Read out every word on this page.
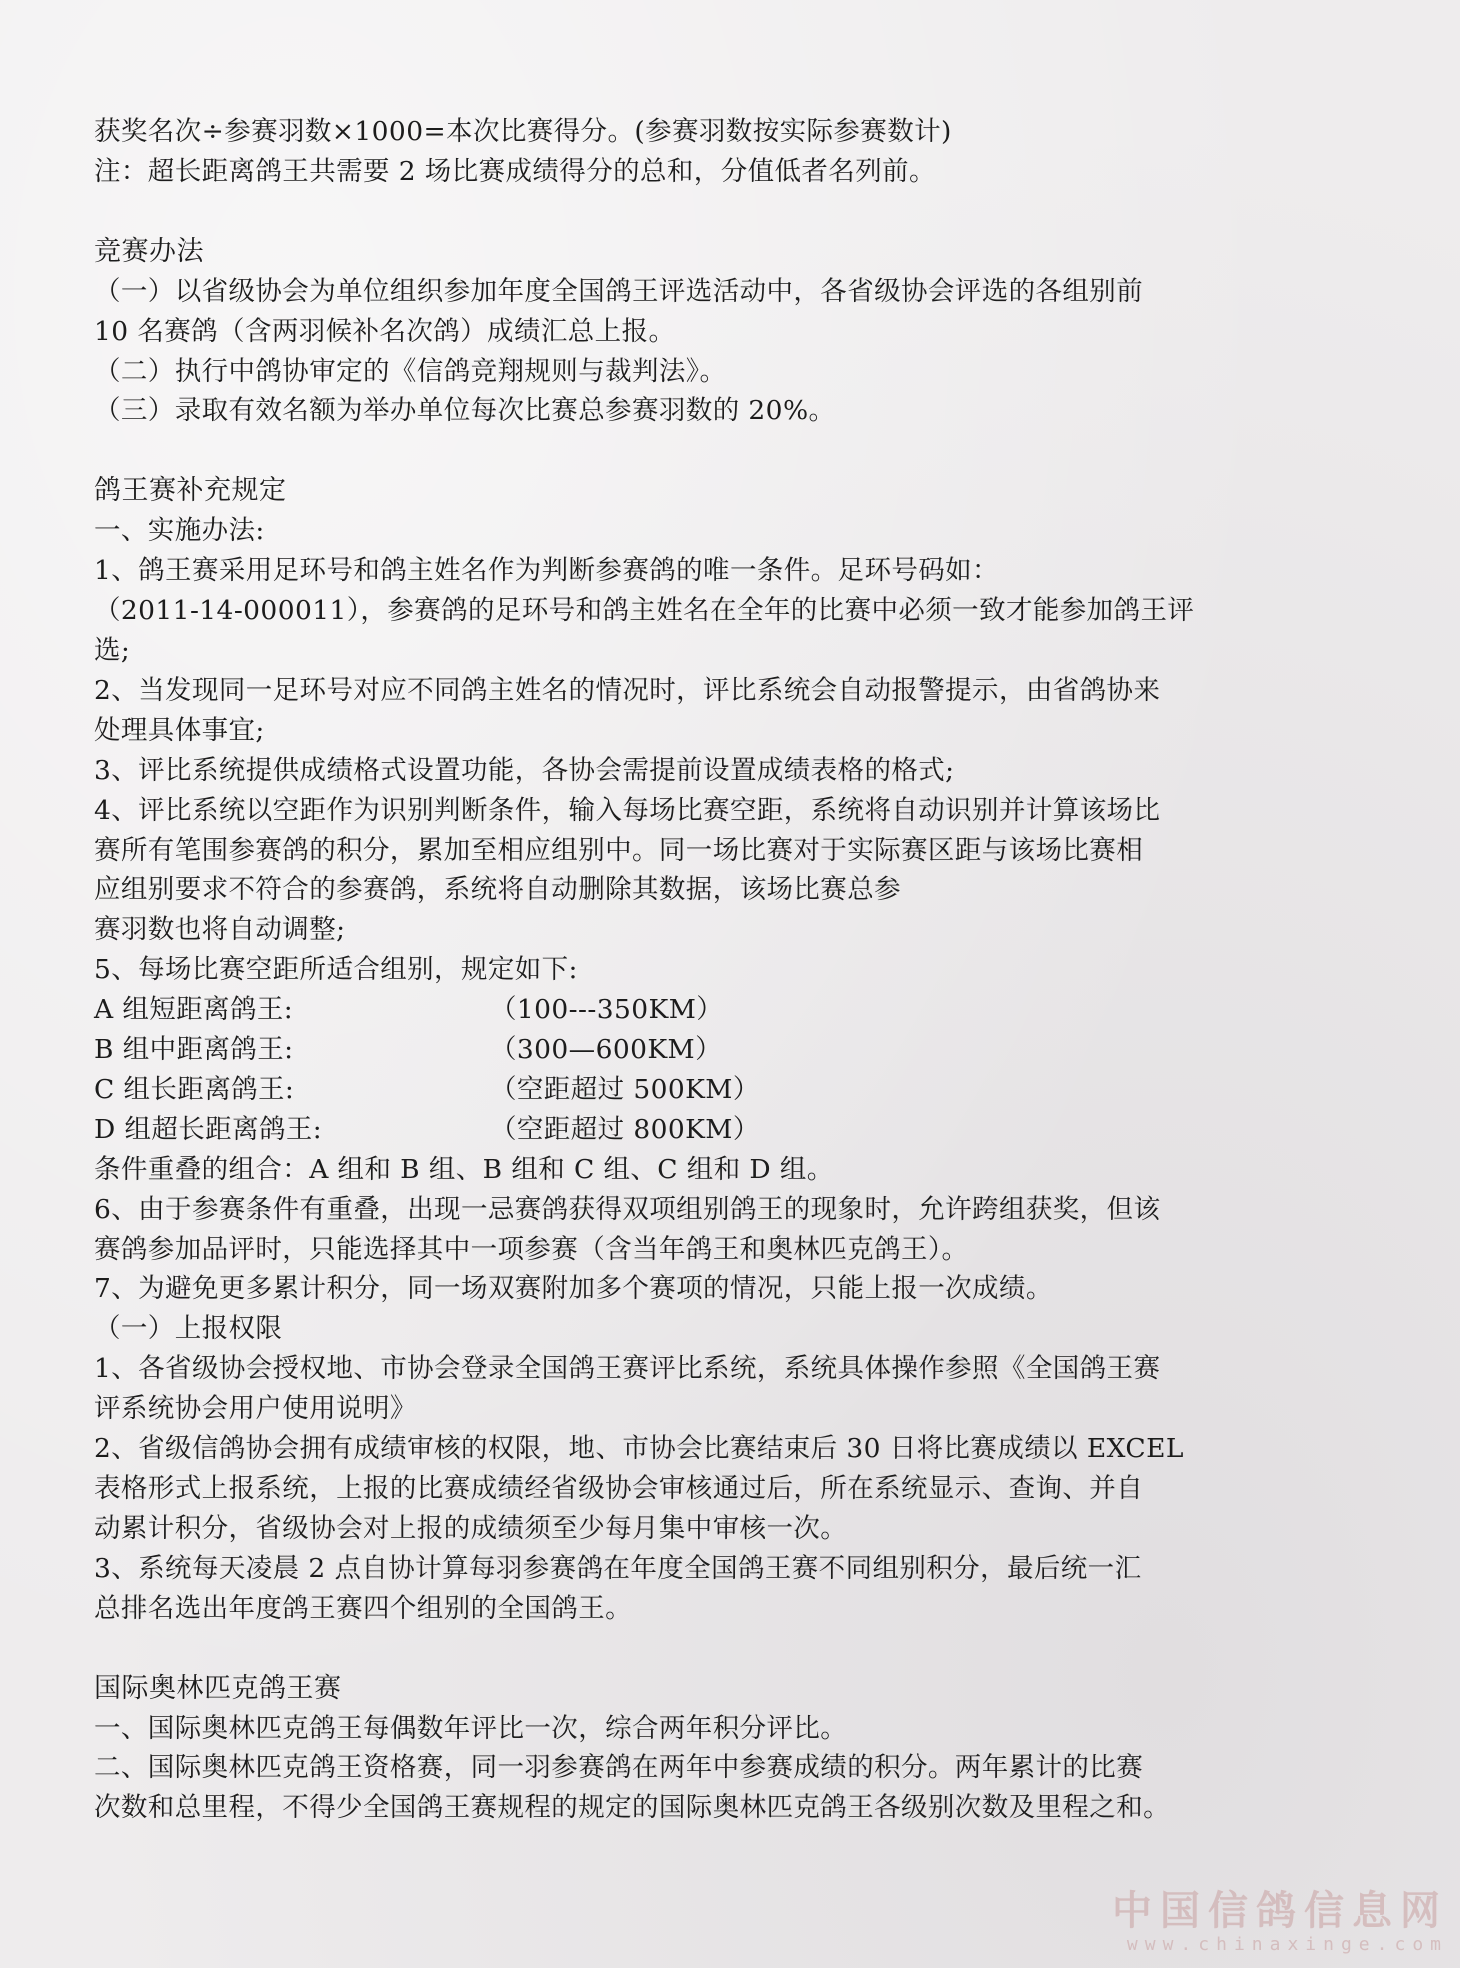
获奖名次÷参赛羽数×1000=本次比赛得分。(参赛羽数按实际参赛数计)
注：超长距离鸽王共需要 2 场比赛成绩得分的总和，分值低者名列前。
竞赛办法
（一）以省级协会为单位组织参加年度全国鸽王评选活动中，各省级协会评选的各组别前
10 名赛鸽（含两羽候补名次鸽）成绩汇总上报。
（二）执行中鸽协审定的《信鸽竞翔规则与裁判法》。
（三）录取有效名额为举办单位每次比赛总参赛羽数的 20%。
鸽王赛补充规定
一、实施办法:
1、鸽王赛采用足环号和鸽主姓名作为判断参赛鸽的唯一条件。足环号码如：
（2011-14-000011），参赛鸽的足环号和鸽主姓名在全年的比赛中必须一致才能参加鸽王评
选;
2、当发现同一足环号对应不同鸽主姓名的情况时，评比系统会自动报警提示，由省鸽协来
处理具体事宜;
3、评比系统提供成绩格式设置功能，各协会需提前设置成绩表格的格式;
4、评比系统以空距作为识别判断条件，输入每场比赛空距，系统将自动识别并计算该场比
赛所有笔围参赛鸽的积分，累加至相应组别中。同一场比赛对于实际赛区距与该场比赛相
应组别要求不符合的参赛鸽，系统将自动删除其数据，该场比赛总参
赛羽数也将自动调整;
5、每场比赛空距所适合组别，规定如下:
A 组短距离鸽王:	（100---350KM）
B 组中距离鸽王:	（300—600KM）
C 组长距离鸽王:	（空距超过 500KM）
D 组超长距离鸽王:	（空距超过 800KM）
条件重叠的组合：A 组和 B 组、B 组和 C 组、C 组和 D 组。
6、由于参赛条件有重叠，出现一忌赛鸽获得双项组别鸽王的现象时，允许跨组获奖，但该
赛鸽参加品评时，只能选择其中一项参赛（含当年鸽王和奥林匹克鸽王）。
7、为避免更多累计积分，同一场双赛附加多个赛项的情况，只能上报一次成绩。
（一）上报权限
1、各省级协会授权地、市协会登录全国鸽王赛评比系统，系统具体操作参照《全国鸽王赛
评系统协会用户使用说明》
2、省级信鸽协会拥有成绩审核的权限，地、市协会比赛结束后 30 日将比赛成绩以 EXCEL
表格形式上报系统，上报的比赛成绩经省级协会审核通过后，所在系统显示、查询、并自
动累计积分，省级协会对上报的成绩须至少每月集中审核一次。
3、系统每天凌晨 2 点自协计算每羽参赛鸽在年度全国鸽王赛不同组别积分，最后统一汇
总排名选出年度鸽王赛四个组别的全国鸽王。
国际奥林匹克鸽王赛
一、国际奥林匹克鸽王每偶数年评比一次，综合两年积分评比。
二、国际奥林匹克鸽王资格赛，同一羽参赛鸽在两年中参赛成绩的积分。两年累计的比赛
次数和总里程，不得少全国鸽王赛规程的规定的国际奥林匹克鸽王各级别次数及里程之和。
中国信鸽信息网
www.chinaxinge.com
